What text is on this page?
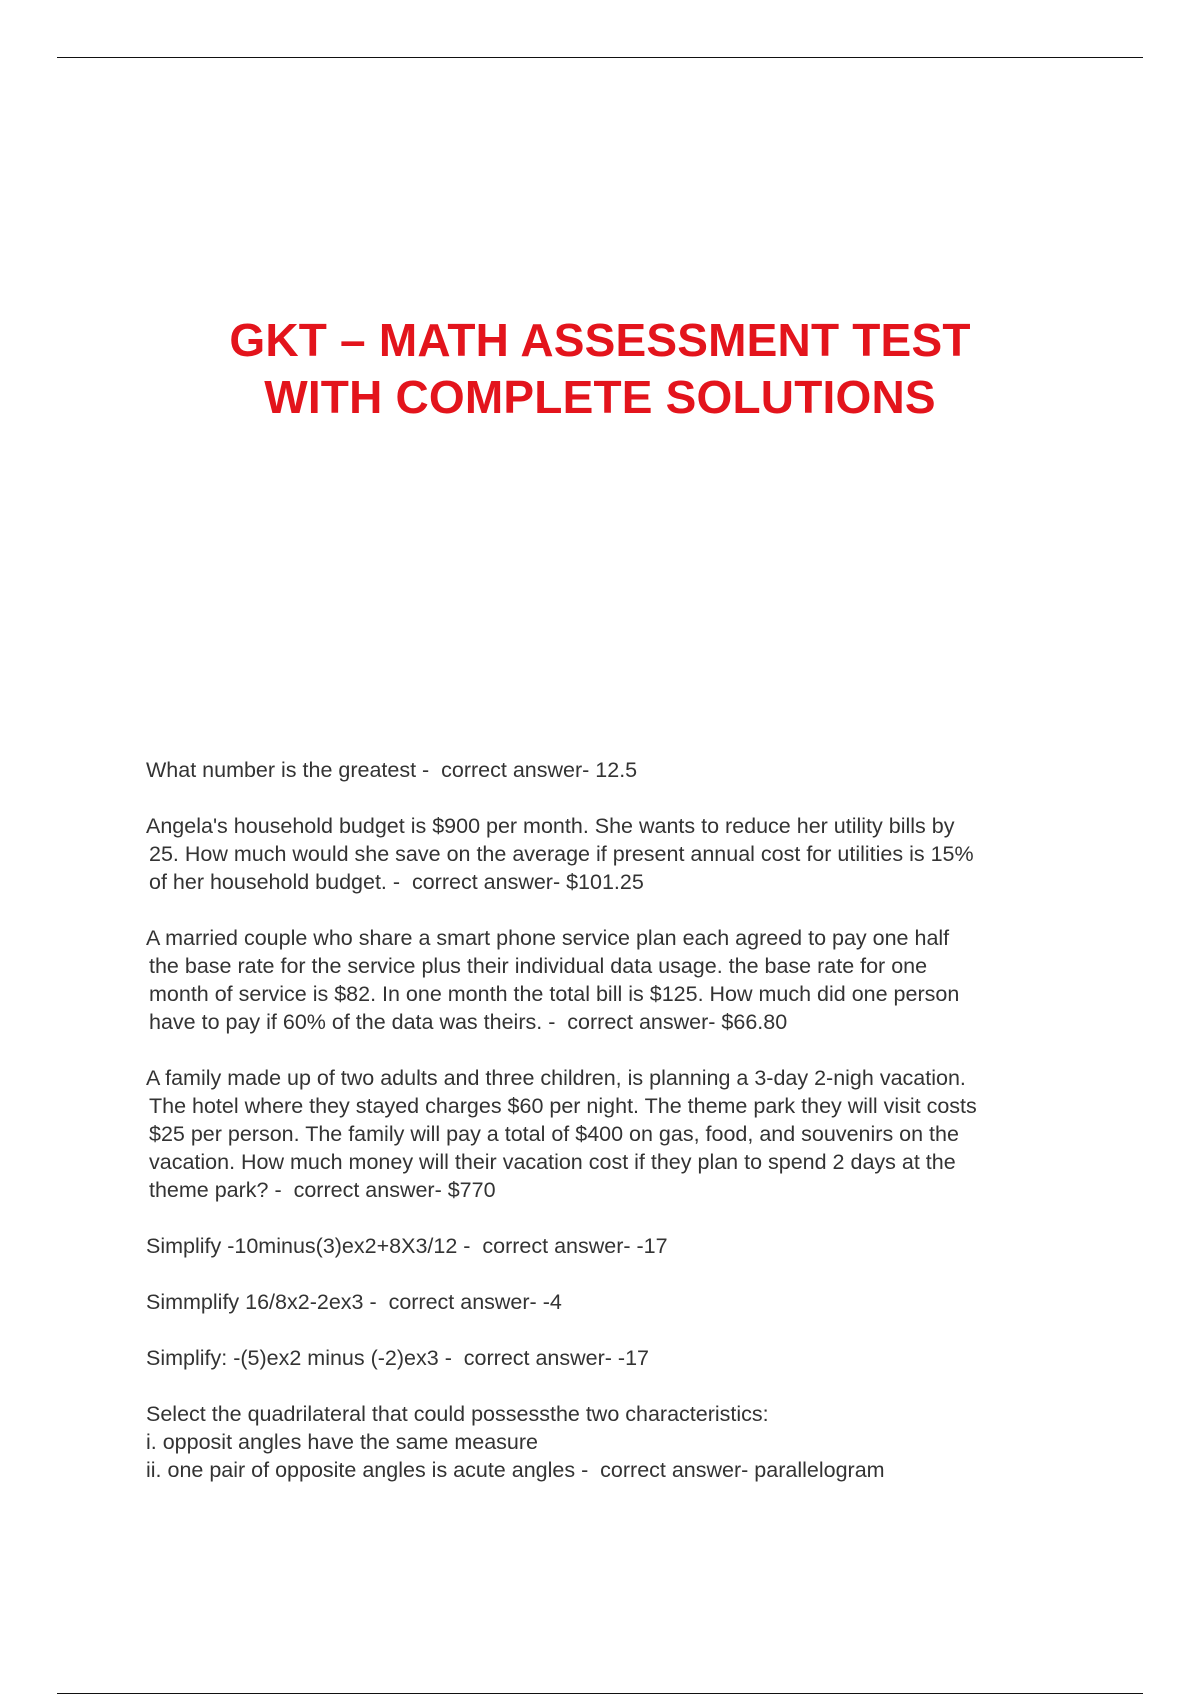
GKT – MATH ASSESSMENT TEST
WITH COMPLETE SOLUTIONS

What number is the greatest -  correct answer- 12.5

Angela's household budget is $900 per month. She wants to reduce her utility bills by
25. How much would she save on the average if present annual cost for utilities is 15%
of her household budget. -  correct answer- $101.25

A married couple who share a smart phone service plan each agreed to pay one half
the base rate for the service plus their individual data usage. the base rate for one
month of service is $82. In one month the total bill is $125. How much did one person
have to pay if 60% of the data was theirs. -  correct answer- $66.80

A family made up of two adults and three children, is planning a 3-day 2-nigh vacation.
The hotel where they stayed charges $60 per night. The theme park they will visit costs
$25 per person. The family will pay a total of $400 on gas, food, and souvenirs on the
vacation. How much money will their vacation cost if they plan to spend 2 days at the
theme park? -  correct answer- $770

Simplify -10minus(3)ex2+8X3/12 -  correct answer- -17

Simmplify 16/8x2-2ex3 -  correct answer- -4

Simplify: -(5)ex2 minus (-2)ex3 -  correct answer- -17

Select the quadrilateral that could possessthe two characteristics:
i. opposit angles have the same measure
ii. one pair of opposite angles is acute angles -  correct answer- parallelogram
